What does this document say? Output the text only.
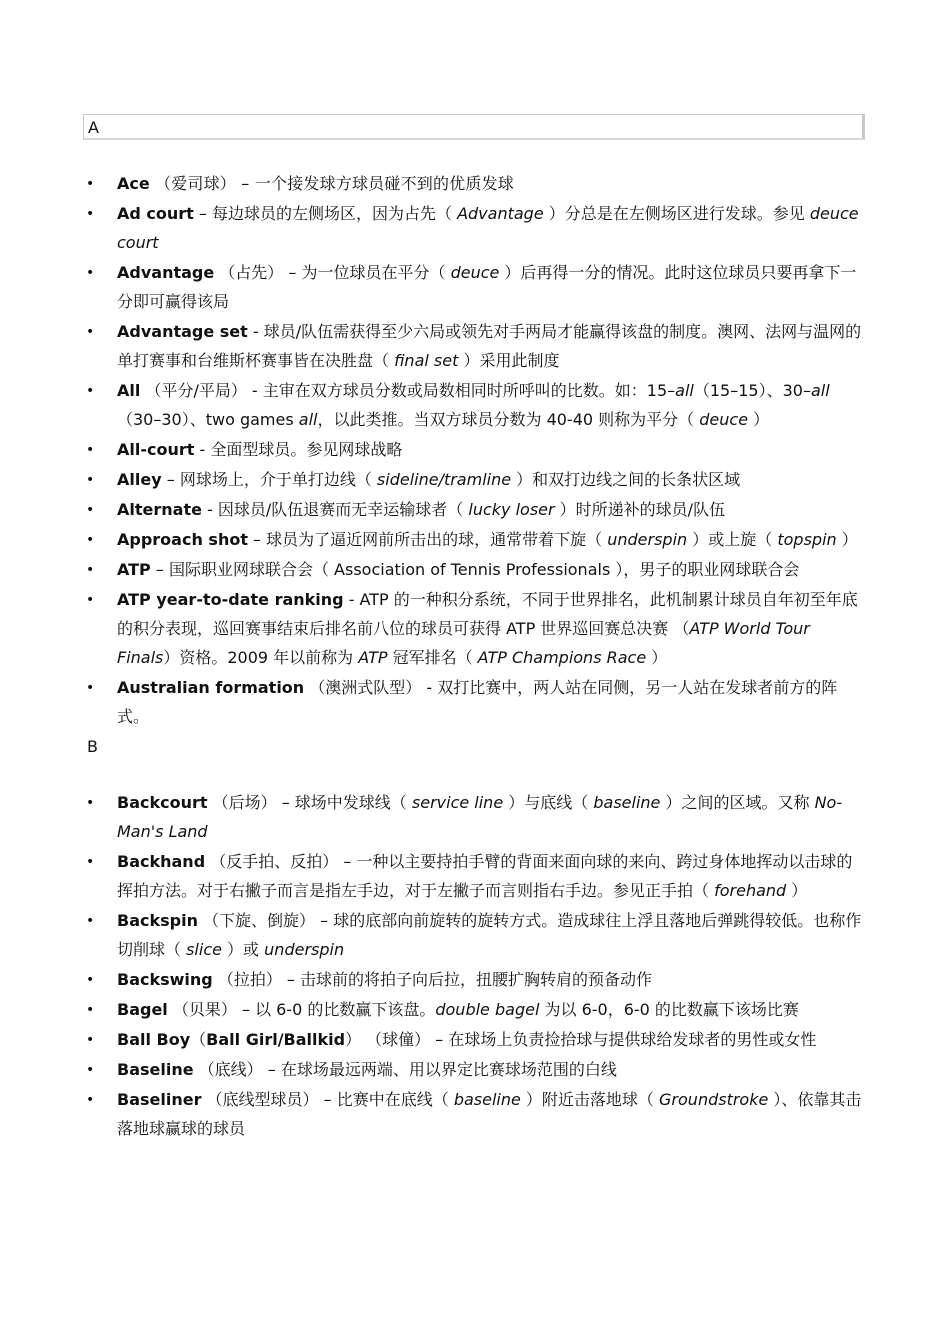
A
• Ace （爱司球） – 一个接发球方球员碰不到的优质发球
• Ad court – 每边球员的左侧场区，因为占先（ Advantage ）分总是在左侧场区进行发球。参见 deuce court
• Advantage （占先） – 为一位球员在平分（ deuce ）后再得一分的情况。此时这位球员只要再拿下一分即可赢得该局
• Advantage set - 球员/队伍需获得至少六局或领先对手两局才能赢得该盘的制度。澳网、法网与温网的单打赛事和台维斯杯赛事皆在决胜盘（ final set ）采用此制度
• All （平分/平局） - 主审在双方球员分数或局数相同时所呼叫的比数。如：15–all（15–15）、30–all（30–30）、two games all，以此类推。当双方球员分数为 40-40 则称为平分（ deuce ）
• All-court - 全面型球员。参见网球战略
• Alley – 网球场上，介于单打边线（ sideline/tramline ）和双打边线之间的长条状区域
• Alternate - 因球员/队伍退赛而无幸运输球者（ lucky loser ）时所递补的球员/队伍
• Approach shot – 球员为了逼近网前所击出的球，通常带着下旋（ underspin ）或上旋（ topspin ）
• ATP – 国际职业网球联合会（ Association of Tennis Professionals ），男子的职业网球联合会
• ATP year-to-date ranking - ATP 的一种积分系统，不同于世界排名，此机制累计球员自年初至年底的积分表现，巡回赛事结束后排名前八位的球员可获得 ATP 世界巡回赛总决赛 （ATP World Tour Finals）资格。2009 年以前称为 ATP 冠军排名（ ATP Champions Race ）
• Australian formation （澳洲式队型） - 双打比赛中，两人站在同侧，另一人站在发球者前方的阵式。
B
• Backcourt （后场） – 球场中发球线（ service line ）与底线（ baseline ）之间的区域。又称 No-Man's Land
• Backhand （反手拍、反拍） – 一种以主要持拍手臂的背面来面向球的来向、跨过身体地挥动以击球的挥拍方法。对于右撇子而言是指左手边，对于左撇子而言则指右手边。参见正手拍（ forehand ）
• Backspin （下旋、倒旋） – 球的底部向前旋转的旋转方式。造成球往上浮且落地后弹跳得较低。也称作切削球（ slice ）或 underspin
• Backswing （拉拍） – 击球前的将拍子向后拉，扭腰扩胸转肩的预备动作
• Bagel （贝果） – 以 6-0 的比数赢下该盘。double bagel 为以 6-0，6-0 的比数赢下该场比赛
• Ball Boy（Ball Girl/Ballkid） （球僮） – 在球场上负责捡拾球与提供球给发球者的男性或女性
• Baseline （底线） – 在球场最远两端、用以界定比赛球场范围的白线
• Baseliner （底线型球员） – 比赛中在底线（ baseline ）附近击落地球（ Groundstroke ）、依靠其击落地球赢球的球员
